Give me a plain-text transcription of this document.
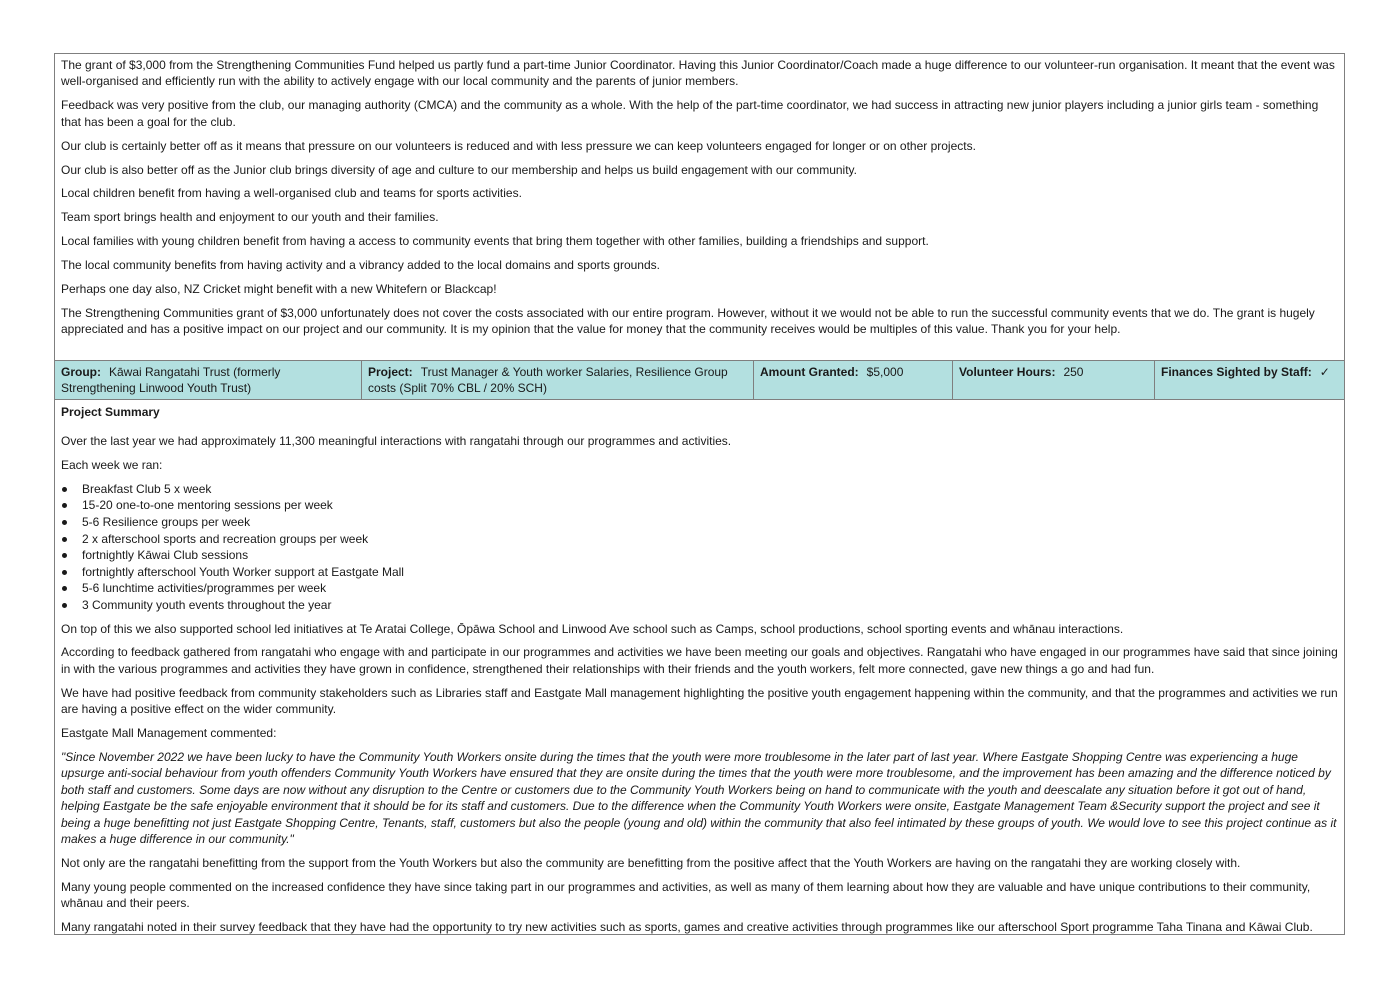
The grant of $3,000 from the Strengthening Communities Fund helped us partly fund a part-time Junior Coordinator. Having this Junior Coordinator/Coach made a huge difference to our volunteer-run organisation. It meant that the event was well-organised and efficiently run with the ability to actively engage with our local community and the parents of junior members.

Feedback was very positive from the club, our managing authority (CMCA) and the community as a whole. With the help of the part-time coordinator, we had success in attracting new junior players including a junior girls team - something that has been a goal for the club.

Our club is certainly better off as it means that pressure on our volunteers is reduced and with less pressure we can keep volunteers engaged for longer or on other projects.

Our club is also better off as the Junior club brings diversity of age and culture to our membership and helps us build engagement with our community.

Local children benefit from having a well-organised club and teams for sports activities.

Team sport brings health and enjoyment to our youth and their families.

Local families with young children benefit from having a access to community events that bring them together with other families, building a friendships and support.

The local community benefits from having activity and a vibrancy added to the local domains and sports grounds.

Perhaps one day also, NZ Cricket might benefit with a new Whitefern or Blackcap!

The Strengthening Communities grant of $3,000 unfortunately does not cover the costs associated with our entire program. However, without it we would not be able to run the successful community events that we do. The grant is hugely appreciated and has a positive impact on our project and our community. It is my opinion that the value for money that the community receives would be multiples of this value. Thank you for your help.

Group: Kāwai Rangatahi Trust (formerly Strengthening Linwood Youth Trust)
Project: Trust Manager & Youth worker Salaries, Resilience Group costs (Split 70% CBL / 20% SCH)
Amount Granted: $5,000	Volunteer Hours: 250	Finances Sighted by Staff: ✓
Project Summary

Over the last year we had approximately 11,300 meaningful interactions with rangatahi through our programmes and activities.

Each week we ran:

Breakfast Club 5 x week
15-20 one-to-one mentoring sessions per week
5-6 Resilience groups per week
2 x afterschool sports and recreation groups per week
fortnightly Kāwai Club sessions
fortnightly afterschool Youth Worker support at Eastgate Mall
5-6 lunchtime activities/programmes per week
3 Community youth events throughout the year

On top of this we also supported school led initiatives at Te Aratai College, Ōpāwa School and Linwood Ave school such as Camps, school productions, school sporting events and whānau interactions.

According to feedback gathered from rangatahi who engage with and participate in our programmes and activities we have been meeting our goals and objectives. Rangatahi who have engaged in our programmes have said that since joining in with the various programmes and activities they have grown in confidence, strengthened their relationships with their friends and the youth workers, felt more connected, gave new things a go and had fun.

We have had positive feedback from community stakeholders such as Libraries staff and Eastgate Mall management highlighting the positive youth engagement happening within the community, and that the programmes and activities we run are having a positive effect on the wider community.

Eastgate Mall Management commented:

"Since November 2022 we have been lucky to have the Community Youth Workers onsite during the times that the youth were more troublesome in the later part of last year. Where Eastgate Shopping Centre was experiencing a huge upsurge anti-social behaviour from youth offenders Community Youth Workers have ensured that they are onsite during the times that the youth were more troublesome, and the improvement has been amazing and the difference noticed by both staff and customers. Some days are now without any disruption to the Centre or customers due to the Community Youth Workers being on hand to communicate with the youth and deescalate any situation before it got out of hand, helping Eastgate be the safe enjoyable environment that it should be for its staff and customers. Due to the difference when the Community Youth Workers were onsite, Eastgate Management Team &Security support the project and see it being a huge benefitting not just Eastgate Shopping Centre, Tenants, staff, customers but also the people (young and old) within the community that also feel intimated by these groups of youth. We would love to see this project continue as it makes a huge difference in our community."

Not only are the rangatahi benefitting from the support from the Youth Workers but also the community are benefitting from the positive affect that the Youth Workers are having on the rangatahi they are working closely with.

Many young people commented on the increased confidence they have since taking part in our programmes and activities, as well as many of them learning about how they are valuable and have unique contributions to their community, whānau and their peers.

Many rangatahi noted in their survey feedback that they have had the opportunity to try new activities such as sports, games and creative activities through programmes like our afterschool Sport programme Taha Tinana and Kāwai Club.
